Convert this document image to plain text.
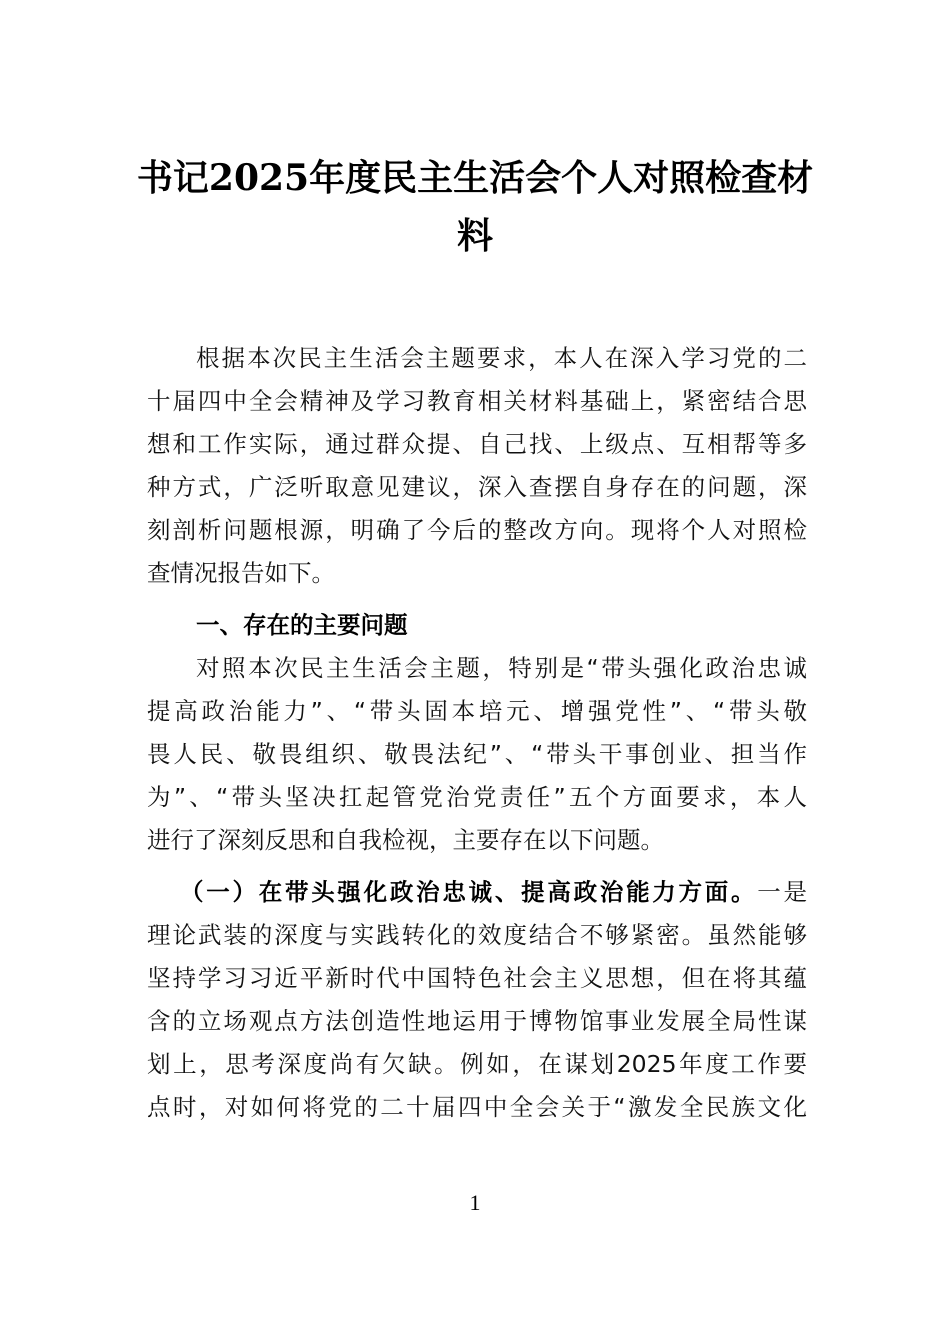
书记2025年度民主生活会个人对照检查材
料
根据本次民主生活会主题要求，本人在深入学习党的二
十届四中全会精神及学习教育相关材料基础上，紧密结合思
想和工作实际，通过群众提、自己找、上级点、互相帮等多
种方式，广泛听取意见建议，深入查摆自身存在的问题，深
刻剖析问题根源，明确了今后的整改方向。现将个人对照检
查情况报告如下。
一、存在的主要问题
对照本次民主生活会主题，特别是“带头强化政治忠诚
提高政治能力”、“带头固本培元、增强党性”、“带头敬
畏人民、敬畏组织、敬畏法纪”、“带头干事创业、担当作
为”、“带头坚决扛起管党治党责任”五个方面要求，本人
进行了深刻反思和自我检视，主要存在以下问题。
（一）在带头强化政治忠诚、提高政治能力方面。一是
理论武装的深度与实践转化的效度结合不够紧密。虽然能够
坚持学习习近平新时代中国特色社会主义思想，但在将其蕴
含的立场观点方法创造性地运用于博物馆事业发展全局性谋
划上，思考深度尚有欠缺。例如，在谋划2025年度工作要
点时，对如何将党的二十届四中全会关于“激发全民族文化
1
